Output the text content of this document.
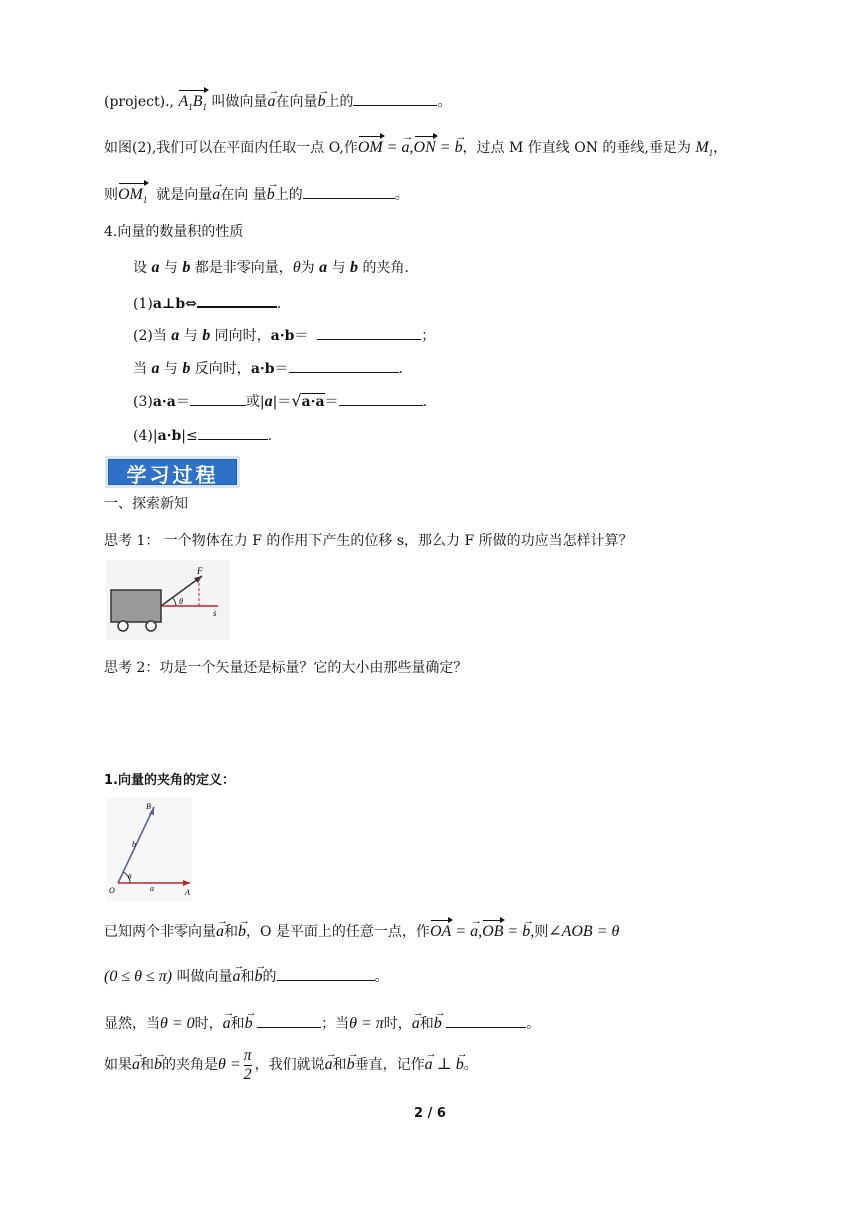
(project)., $A_1B_1$ 叫做向量a →在向量b →上的	。
如图(2),我们可以在平面内任取一点 O,作OM = a →,ON = b →，过点 M 作直线 ON 的垂线,垂足为 $M_1$，
则$OM_1$ 就是向量a →在向 量b →上的	。
4.向量的数量积的性质
设 a 与 b 都是非零向量，θ为 a 与 b 的夹角.
(1)a⊥b⇔	.
(2)当 a 与 b 同向时，a·b＝	；
当 a 与 b 反向时，a·b＝	.
(3)a·a＝	或|a|＝√a·a＝	.
(4)|a·b|≤	.
学习过程
一、探索新知
思考 1： 一个物体在力 F 的作用下产生的位移 s，那么力 F 所做的功应当怎样计算？
F
θ
s
思考 2：功是一个矢量还是标量？它的大小由那些量确定？
1.向量的夹角的定义：
B
b
O
θ
a	A
已知两个非零向量a →和b →，O 是平面上的任意一点，作OA = a →,OB = b →,则∠AOB = θ
(0 ≤ θ ≤ π) 叫做向量a →和b →的	。
显然，当θ = 0时，a →和b →	；当θ = π时，a →和b →	。
如果a →和b →的夹角是$\theta = \frac{\pi}{2}$ ，我们就说a →和b →垂直，记作a → ⊥ b →。
2 / 6
